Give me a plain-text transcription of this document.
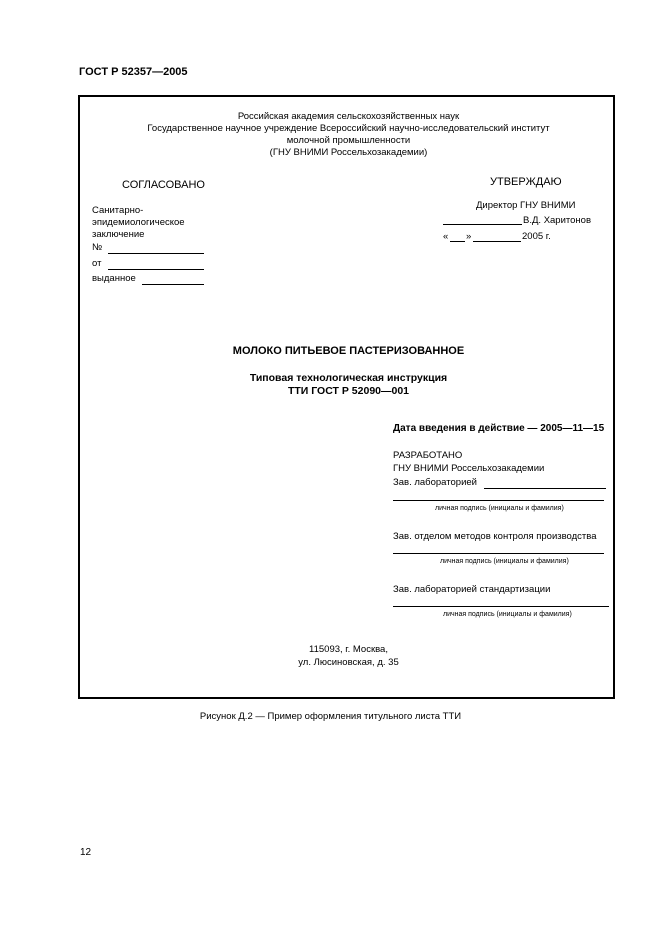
ГОСТ Р 52357—2005
Российская академия сельскохозяйственных наук
Государственное научное учреждение Всероссийский научно-исследовательский институт
молочной промышленности
(ГНУ ВНИМИ Россельхозакадемии)
СОГЛАСОВАНО
Санитарно-
эпидемиологическое
заключение
№
от
выданное
УТВЕРЖДАЮ
Директор ГНУ ВНИМИ
В.Д. Харитонов
« »	2005 г.
МОЛОКО ПИТЬЕВОЕ ПАСТЕРИЗОВАННОЕ
Типовая технологическая инструкция
ТТИ ГОСТ Р 52090—001
Дата введения в действие — 2005—11—15
РАЗРАБОТАНО
ГНУ ВНИМИ Россельхозакадемии
Зав. лабораторией
личная подпись (инициалы и фамилия)
Зав. отделом методов контроля производства
личная подпись (инициалы и фамилия)
Зав. лабораторией стандартизации
личная подпись (инициалы и фамилия)
115093, г. Москва,
ул. Люсиновская, д. 35
Рисунок Д.2 — Пример оформления титульного листа ТТИ
12
